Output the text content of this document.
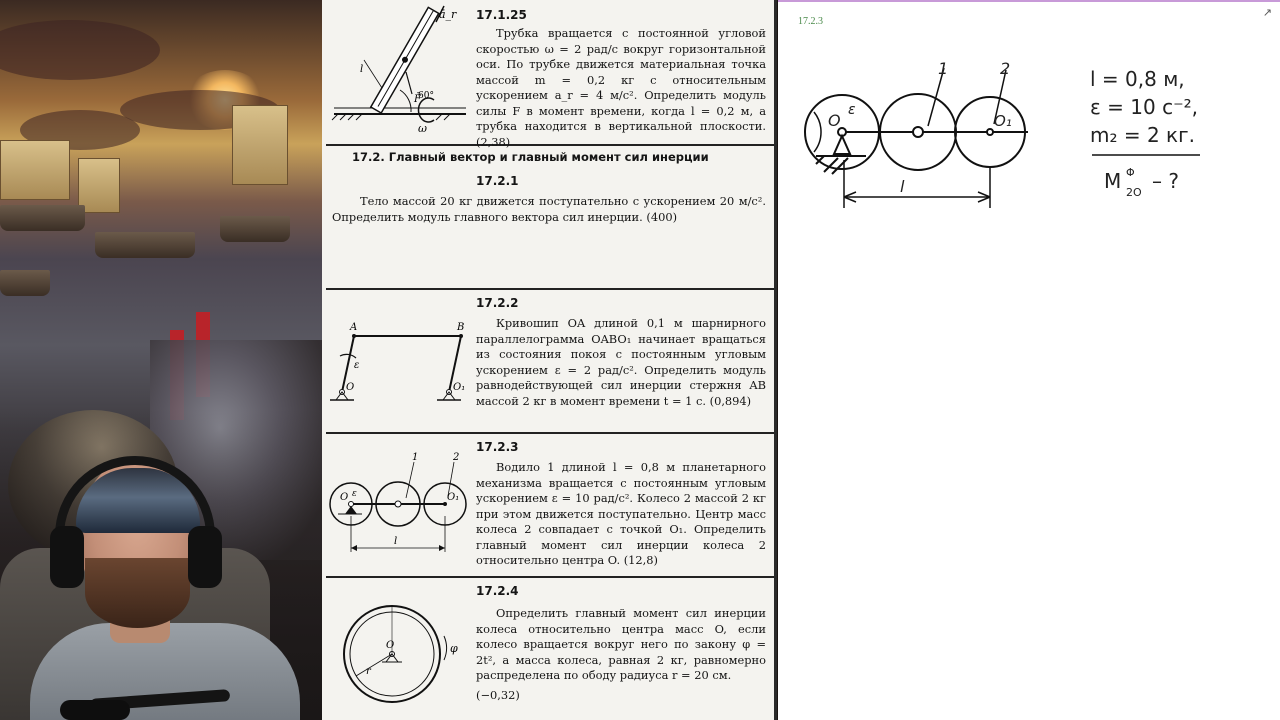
ā_r
F̄
60°
ω
l
17.1.25
Трубка вращается с постоянной угловой скоростью ω = 2 рад/с вокруг горизонтальной оси. По трубке движется материальная точка массой m = 0,2 кг с относительным ускорением a_r = 4 м/с². Определить модуль силы F в момент времени, когда l = 0,2 м, а трубка находится в вертикальной плоскости. (2,38)
17.2. Главный вектор и главный момент сил инерции
17.2.1
Тело массой 20 кг движется поступательно с ускорением 20 м/с². Определить модуль главного вектора сил инерции. (400)
A	B
O	O₁
ε
17.2.2
Кривошип OA длиной 0,1 м шарнирного параллелограмма OABO₁ начинает вращаться из состояния покоя с постоянным угловым ускорением ε = 2 рад/с². Определить модуль равнодействующей сил инерции стержня AB массой 2 кг в момент времени t = 1 с. (0,894)
1	2
O	O₁
ε
l
17.2.3
Водило 1 длиной l = 0,8 м планетарного механизма вращается с постоянным угловым ускорением ε = 10 рад/с². Колесо 2 массой 2 кг при этом движется поступательно. Центр масс колеса 2 совпадает с точкой O₁. Определить главный момент сил инерции колеса 2 относительно центра O. (12,8)
O
r
φ
17.2.4
Определить главный момент сил инерции колеса относительно центра масс O, если колесо вращается вокруг него по закону φ = 2t², а масса колеса, равная 2 кг, равномерно распределена по ободу радиуса r = 20 см.
(−0,32)
17.2.3
↗
1	2
O	O₁
ε
l
l = 0,8 м,
ε = 10 с⁻²,
m₂ = 2 кг.
M Φ
2O – ?
